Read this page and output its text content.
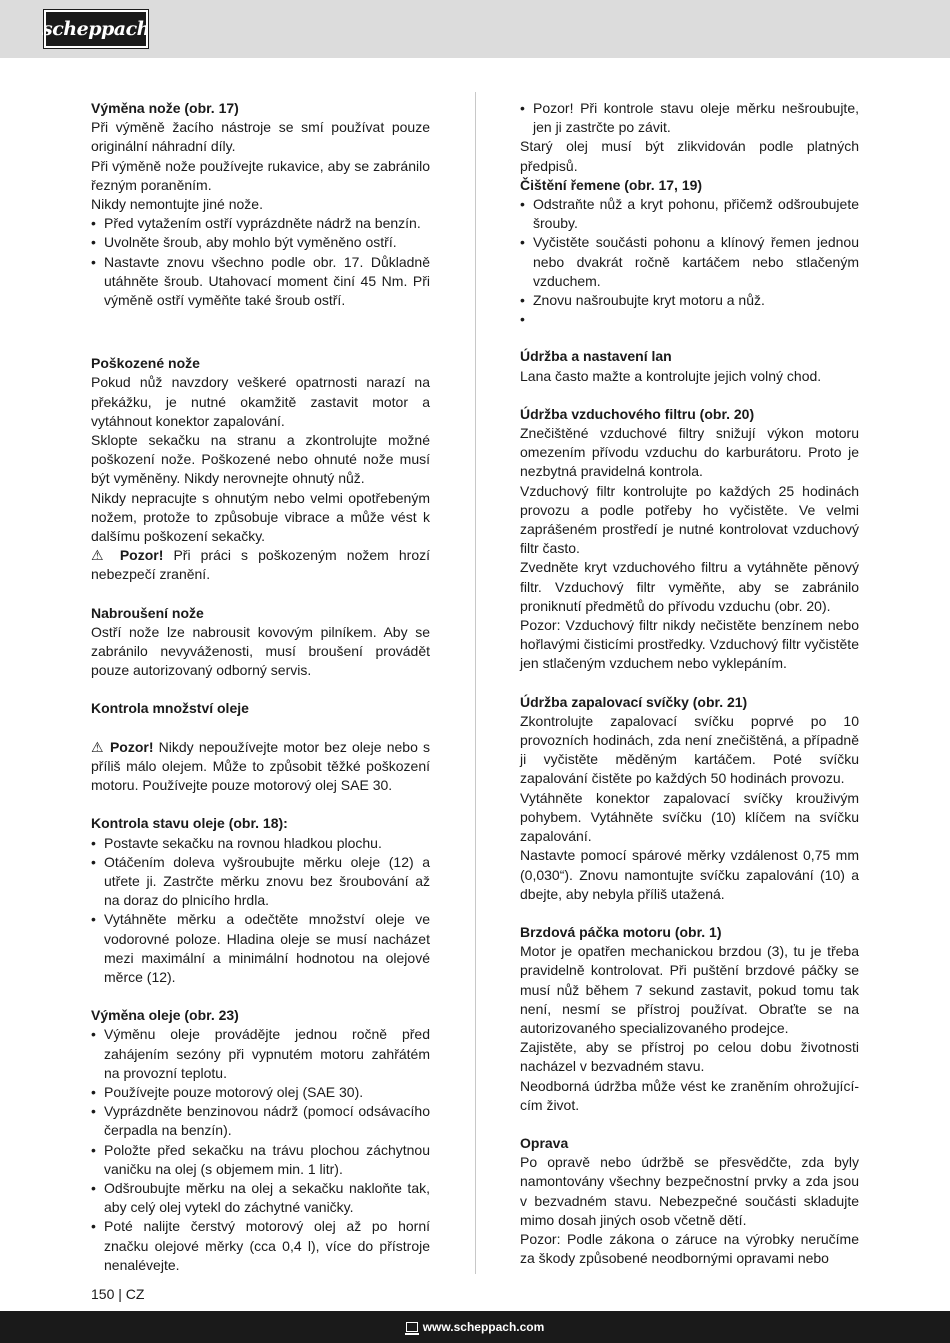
scheppach
Výměna nože (obr. 17)

Při výměně žacího nástroje se smí používat pouze originální náhradní díly.

Při výměně nože používejte rukavice, aby se zabránilo řezným poraněním.

Nikdy nemontujte jiné nože.

• Před vytažením ostří vyprázdněte nádrž na benzín.
• Uvolněte šroub, aby mohlo být vyměněno ostří.
• Nastavte znovu všechno podle obr. 17. Důkladně utáhněte šroub. Utahovací moment činí 45 Nm. Při výměně ostří vyměňte také šroub ostří.
Poškozené nože

Pokud nůž navzdory veškeré opatrnosti narazí na překážku, je nutné okamžitě zastavit motor a vytáhnout konektor zapalování.

Sklopte sekačku na stranu a zkontrolujte možné poškození nože. Poškozené nebo ohnuté nože musí být vyměněny. Nikdy nerovnejte ohnutý nůž.

Nikdy nepracujte s ohnutým nebo velmi opotřebeným nožem, protože to způsobuje vibrace a může vést k dalšímu poškození sekačky.

⚠ Pozor! Při práci s poškozeným nožem hrozí nebezpečí zranění.

Nabroušení nože

Ostří nože lze nabrousit kovovým pilníkem. Aby se zabránilo nevyváženosti, musí broušení provádět pouze autorizovaný odborný servis.

Kontrola množství oleje

⚠ Pozor! Nikdy nepoužívejte motor bez oleje nebo s příliš málo olejem. Může to způsobit těžké poškození motoru. Používejte pouze motorový olej SAE 30.

Kontrola stavu oleje (obr. 18):
• Postavte sekačku na rovnou hladkou plochu.
• Otáčením doleva vyšroubujte měrku oleje (12) a utřete ji. Zastrčte měrku znovu bez šroubování až na doraz do plnicího hrdla.
• Vytáhněte měrku a odečtěte množství oleje ve vodorovné poloze. Hladina oleje se musí nacházet mezi maximální a minimální hodnotou na olejové měrce (12).
Výměna oleje (obr. 23)
• Výměnu oleje provádějte jednou ročně před zahájením sezóny při vypnutém motoru zahřátém na provozní teplotu.
• Používejte pouze motorový olej (SAE 30).
• Vyprázdněte benzinovou nádrž (pomocí odsávacího čerpadla na benzín).
• Položte před sekačku na trávu plochou záchytnou vaničku na olej (s objemem min. 1 litr).
• Odšroubujte měrku na olej a sekačku nakloňte tak, aby celý olej vytekl do záchytné vaničky.
• Poté nalijte čerstvý motorový olej až po horní značku olejové měrky (cca 0,4 l), více do přístroje nenalévejte.
• Pozor! Při kontrole stavu oleje měrku nešroubujte, jen ji zastrčte po závit.

Starý olej musí být zlikvidován podle platných předpisů.

Čištění řemene (obr. 17, 19)
• Odstraňte nůž a kryt pohonu, přičemž odšroubujete šrouby.
• Vyčistěte součásti pohonu a klínový řemen jednou nebo dvakrát ročně kartáčem nebo stlačeným vzduchem.
• Znovu našroubujte kryt motoru a nůž.
•
Údržba a nastavení lan

Lana často mažte a kontrolujte jejich volný chod.

Údržba vzduchového filtru (obr. 20)

Znečištěné vzduchové filtry snižují výkon motoru omezením přívodu vzduchu do karburátoru. Proto je nezbytná pravidelná kontrola.

Vzduchový filtr kontrolujte po každých 25 hodinách provozu a podle potřeby ho vyčistěte. Ve velmi zaprášeném prostředí je nutné kontrolovat vzduchový filtr často.

Zvedněte kryt vzduchového filtru a vytáhněte pěnový filtr. Vzduchový filtr vyměňte, aby se zabránilo proniknutí předmětů do přívodu vzduchu (obr. 20).

Pozor: Vzduchový filtr nikdy nečistěte benzínem nebo hořlavými čisticími prostředky. Vzduchový filtr vyčistěte jen stlačeným vzduchem nebo vyklepáním.

Údržba zapalovací svíčky (obr. 21)

Zkontrolujte zapalovací svíčku poprvé po 10 provozních hodinách, zda není znečištěná, a případně ji vyčistěte měděným kartáčem. Poté svíčku zapalování čistěte po každých 50 hodinách provozu.

Vytáhněte konektor zapalovací svíčky krouživým pohybem. Vytáhněte svíčku (10) klíčem na svíčku zapalování.

Nastavte pomocí spárové měrky vzdálenost 0,75 mm (0,030“). Znovu namontujte svíčku zapalování (10) a dbejte, aby nebyla příliš utažená.

Brzdová páčka motoru (obr. 1)

Motor je opatřen mechanickou brzdou (3), tu je třeba pravidelně kontrolovat. Při puštění brzdové páčky se musí nůž během 7 sekund zastavit, pokud tomu tak není, nesmí se přístroj používat. Obraťte se na autorizovaného specializovaného prodejce.

Zajistěte, aby se přístroj po celou dobu životnosti nacházel v bezvadném stavu.

Neodborná údržba může vést ke zraněním ohrožujícícím život.

Oprava

Po opravě nebo údržbě se přesvědčte, zda byly namontovány všechny bezpečnostní prvky a zda jsou v bezvadném stavu. Nebezpečné součásti skladujte mimo dosah jiných osob včetně dětí.

Pozor: Podle zákona o záruce na výrobky neručíme za škody způsobené neodbornými opravami nebo

150 | CZ
www.scheppach.com
